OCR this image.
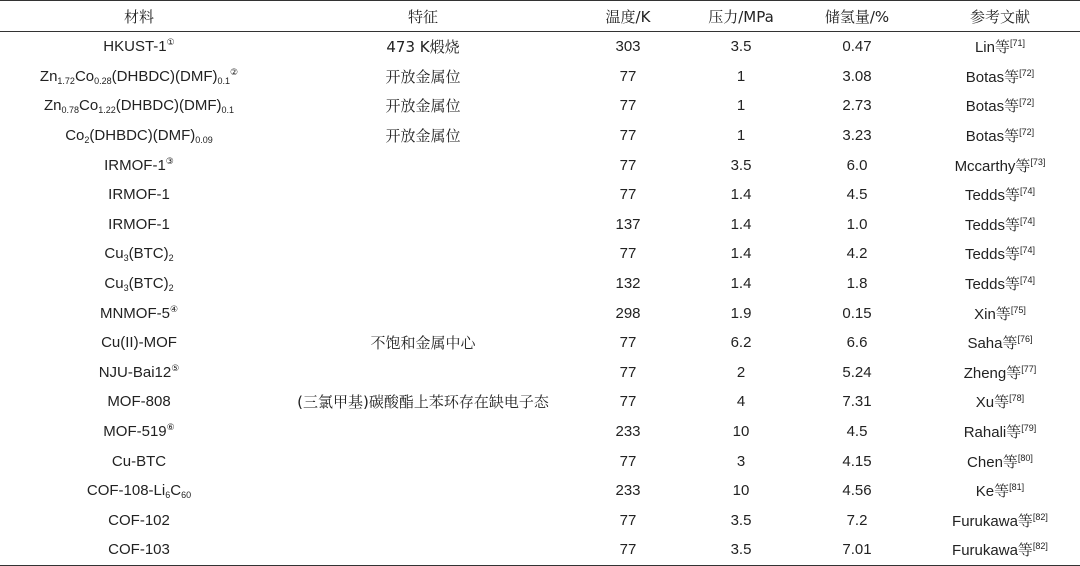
材料	特征	温度/K	压力/MPa	储氢量/%	参考文献
HKUST-1①	473 K煅烧	303	3.5	0.47	Lin等[71]
$Zn_{1.72}Co_{0.28}(DHBDC)(DMF)_{0.1}^②$	开放金属位	77	1	3.08	Botas等[72]
$Zn_{0.78}Co_{1.22}(DHBDC)(DMF)_{0.1}$	开放金属位	77	1	2.73	Botas等[72]
$Co_2(DHBDC)(DMF)_{0.09}$	开放金属位	77	1	3.23	Botas等[72]
IRMOF-1③		77	3.5	6.0	Mccarthy等[73]
IRMOF-1		77	1.4	4.5	Tedds等[74]
IRMOF-1		137	1.4	1.0	Tedds等[74]
$Cu_3(BTC)_2$		77	1.4	4.2	Tedds等[74]
$Cu_3(BTC)_2$		132	1.4	1.8	Tedds等[74]
MNMOF-5④		298	1.9	0.15	Xin等[75]
Cu(II)-MOF	不饱和金属中心	77	6.2	6.6	Saha等[76]
NJU-Bai12⑤		77	2	5.24	Zheng等[77]
MOF-808	(三氯甲基)碳酸酯上苯环存在缺电子态	77	4	7.31	Xu等[78]
MOF-519⑥		233	10	4.5	Rahali等[79]
Cu-BTC		77	3	4.15	Chen等[80]
COF-$108-Li_6C_{60}$		233	10	4.56	Ke等[81]
COF-102		77	3.5	7.2	Furukawa等[82]
COF-103		77	3.5	7.01	Furukawa等[82]
